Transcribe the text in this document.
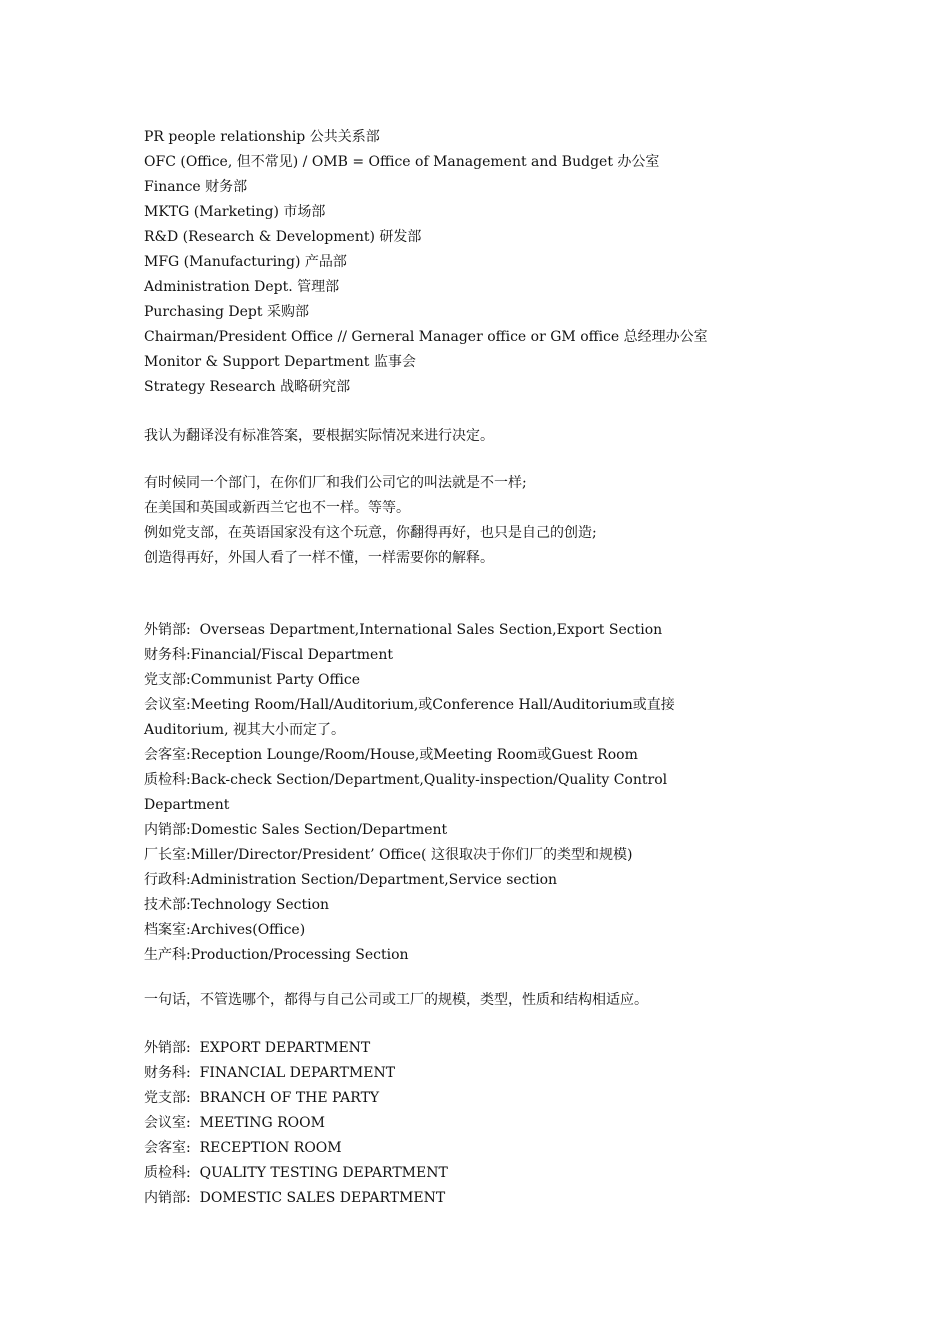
PR people relationship 公共关系部
OFC (Office, 但不常见) / OMB = Office of Management and Budget 办公室
Finance 财务部
MKTG (Marketing) 市场部
R&D (Research & Development) 研发部
MFG (Manufacturing) 产品部
Administration Dept. 管理部
Purchasing Dept 采购部
Chairman/President Office // Gerneral Manager office or GM office 总经理办公室
Monitor & Support Department 监事会
Strategy Research 战略研究部
我认为翻译没有标准答案，要根据实际情况来进行决定。
有时候同一个部门，在你们厂和我们公司它的叫法就是不一样;
在美国和英国或新西兰它也不一样。等等。
例如党支部，在英语国家没有这个玩意，你翻得再好，也只是自己的创造;
创造得再好，外国人看了一样不懂，一样需要你的解释。
外销部:  Overseas Department,International Sales Section,Export Section
财务科:Financial/Fiscal Department
党支部:Communist Party Office
会议室:Meeting Room/Hall/Auditorium,或Conference Hall/Auditorium或直接
Auditorium, 视其大小而定了。
会客室:Reception Lounge/Room/House,或Meeting Room或Guest Room
质检科:Back-check Section/Department,Quality-inspection/Quality Control
Department
内销部:Domestic Sales Section/Department
厂长室:Miller/Director/President’ Office( 这很取决于你们厂的类型和规模)
行政科:Administration Section/Department,Service section
技术部:Technology Section
档案室:Archives(Office)
生产科:Production/Processing Section
一句话，不管选哪个，都得与自己公司或工厂的规模，类型，性质和结构相适应。
外销部:  EXPORT DEPARTMENT
财务科:  FINANCIAL DEPARTMENT
党支部:  BRANCH OF THE PARTY
会议室:  MEETING ROOM
会客室:  RECEPTION ROOM
质检科:  QUALITY TESTING DEPARTMENT
内销部:  DOMESTIC SALES DEPARTMENT
